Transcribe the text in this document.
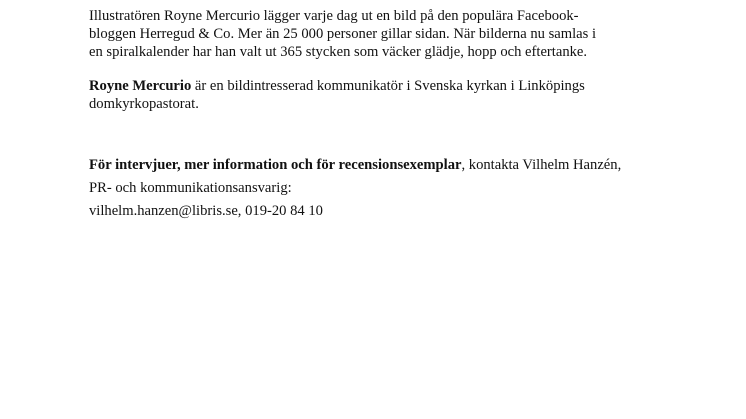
Illustratören Royne Mercurio lägger varje dag ut en bild på den populära Facebook-
bloggen Herregud & Co. Mer än 25 000 personer gillar sidan. När bilderna nu samlas i
en spiralkalender har han valt ut 365 stycken som väcker glädje, hopp och eftertanke.

Royne Mercurio är en bildintresserad kommunikatör i Svenska kyrkan i Linköpings
domkyrkopastorat.

För intervjuer, mer information och för recensionsexemplar, kontakta Vilhelm Hanzén,
PR- och kommunikationsansvarig:
vilhelm.hanzen@libris.se, 019-20 84 10
